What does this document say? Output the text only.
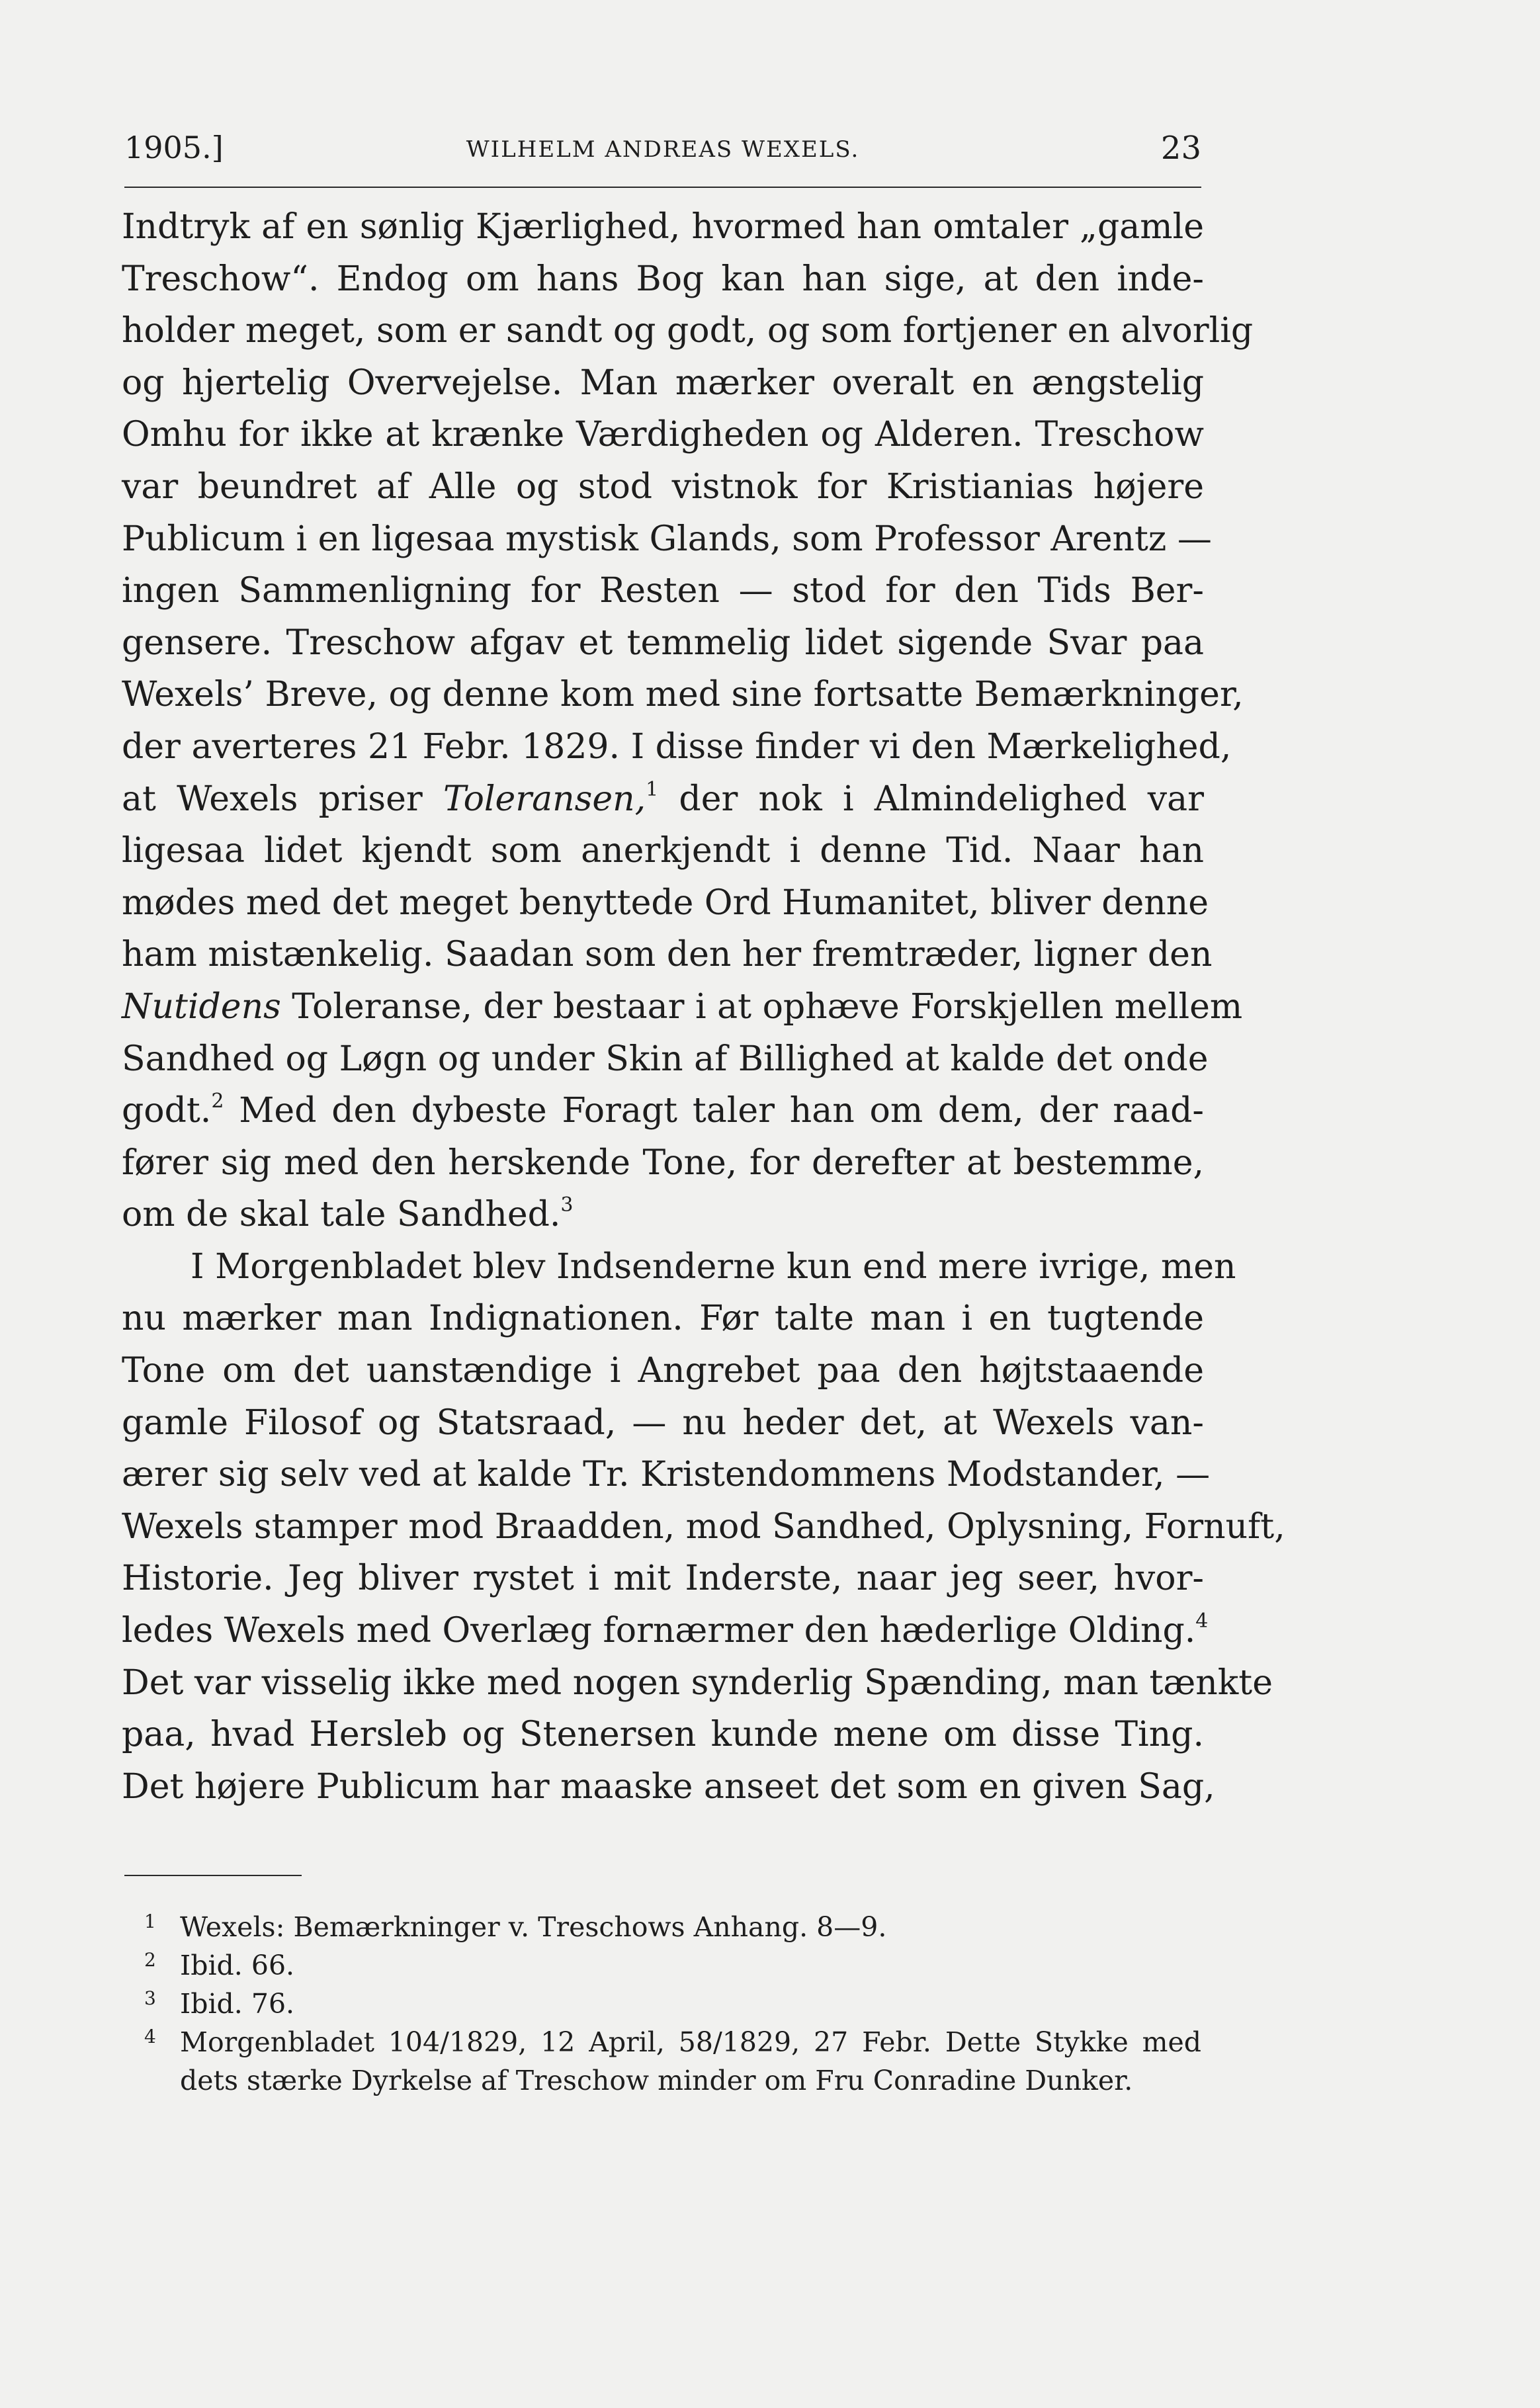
1905.]	WILHELM ANDREAS WEXELS.	23
Indtryk af en sønlig Kjærlighed, hvormed han omtaler „gamle
Treschow“. Endog om hans Bog kan han sige, at den inde-
holder meget, som er sandt og godt, og som fortjener en alvorlig
og hjertelig Overvejelse. Man mærker overalt en ængstelig
Omhu for ikke at krænke Værdigheden og Alderen. Treschow
var beundret af Alle og stod vistnok for Kristianias højere
Publicum i en ligesaa mystisk Glands, som Professor Arentz —
ingen Sammenligning for Resten — stod for den Tids Ber-
gensere. Treschow afgav et temmelig lidet sigende Svar paa
Wexels’ Breve, og denne kom med sine fortsatte Bemærkninger,
der averteres 21 Febr. 1829. I disse finder vi den Mærkelighed,
at Wexels priser Toleransen,$^1$ der nok i Almindelighed var
ligesaa lidet kjendt som anerkjendt i denne Tid. Naar han
mødes med det meget benyttede Ord Humanitet, bliver denne
ham mistænkelig. Saadan som den her fremtræder, ligner den
Nutidens Toleranse, der bestaar i at ophæve Forskjellen mellem
Sandhed og Løgn og under Skin af Billighed at kalde det onde
godt.$^2$ Med den dybeste Foragt taler han om dem, der raad-
fører sig med den herskende Tone, for derefter at bestemme,
om de skal tale Sandhed.$^3$
I Morgenbladet blev Indsenderne kun end mere ivrige, men
nu mærker man Indignationen. Før talte man i en tugtende
Tone om det uanstændige i Angrebet paa den højtstaaende
gamle Filosof og Statsraad, — nu heder det, at Wexels van-
ærer sig selv ved at kalde Tr. Kristendommens Modstander, —
Wexels stamper mod Braadden, mod Sandhed, Oplysning, Fornuft,
Historie. Jeg bliver rystet i mit Inderste, naar jeg seer, hvor-
ledes Wexels med Overlæg fornærmer den hæderlige Olding.$^4$
Det var visselig ikke med nogen synderlig Spænding, man tænkte
paa, hvad Hersleb og Stenersen kunde mene om disse Ting.
Det højere Publicum har maaske anseet det som en given Sag,
1 Wexels: Bemærkninger v. Treschows Anhang. 8—9.
2 Ibid. 66.
3 Ibid. 76.
4 Morgenbladet 104/1829, 12 April, 58/1829, 27 Febr. Dette Stykke med
dets stærke Dyrkelse af Treschow minder om Fru Conradine Dunker.
